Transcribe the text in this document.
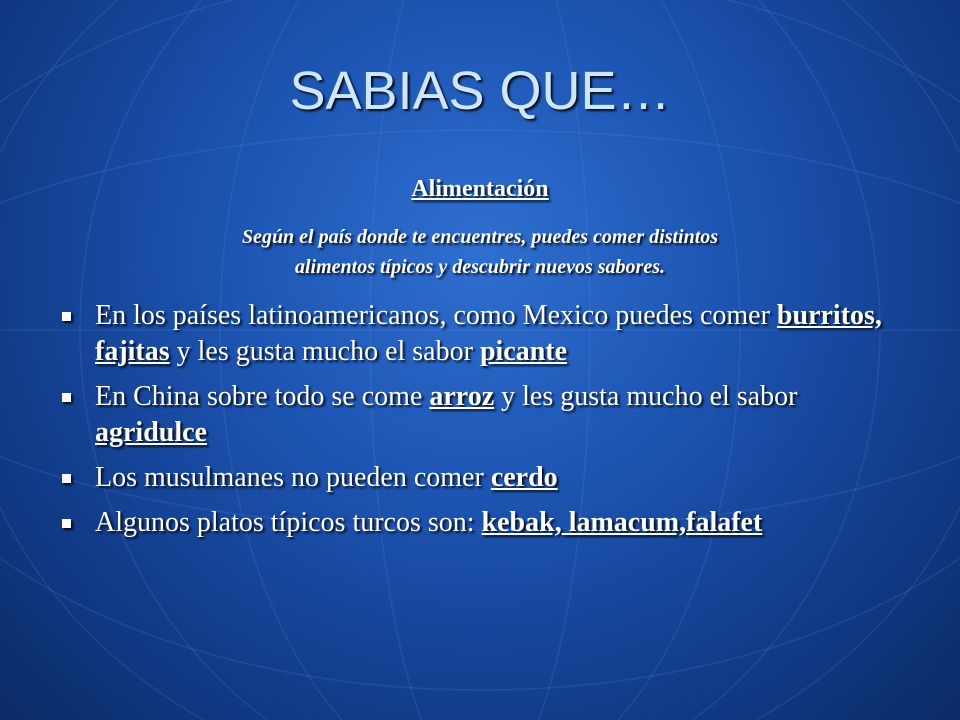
SABIAS QUE…
Alimentación
Según el país donde te encuentres, puedes comer distintos
alimentos típicos y descubrir nuevos sabores.
En los países latinoamericanos, como Mexico puedes comer burritos, fajitas y les gusta mucho el sabor picante
En China sobre todo se come arroz y les gusta mucho el sabor agridulce
Los musulmanes no pueden comer cerdo
Algunos platos típicos turcos son: kebak, lamacum,falafet
